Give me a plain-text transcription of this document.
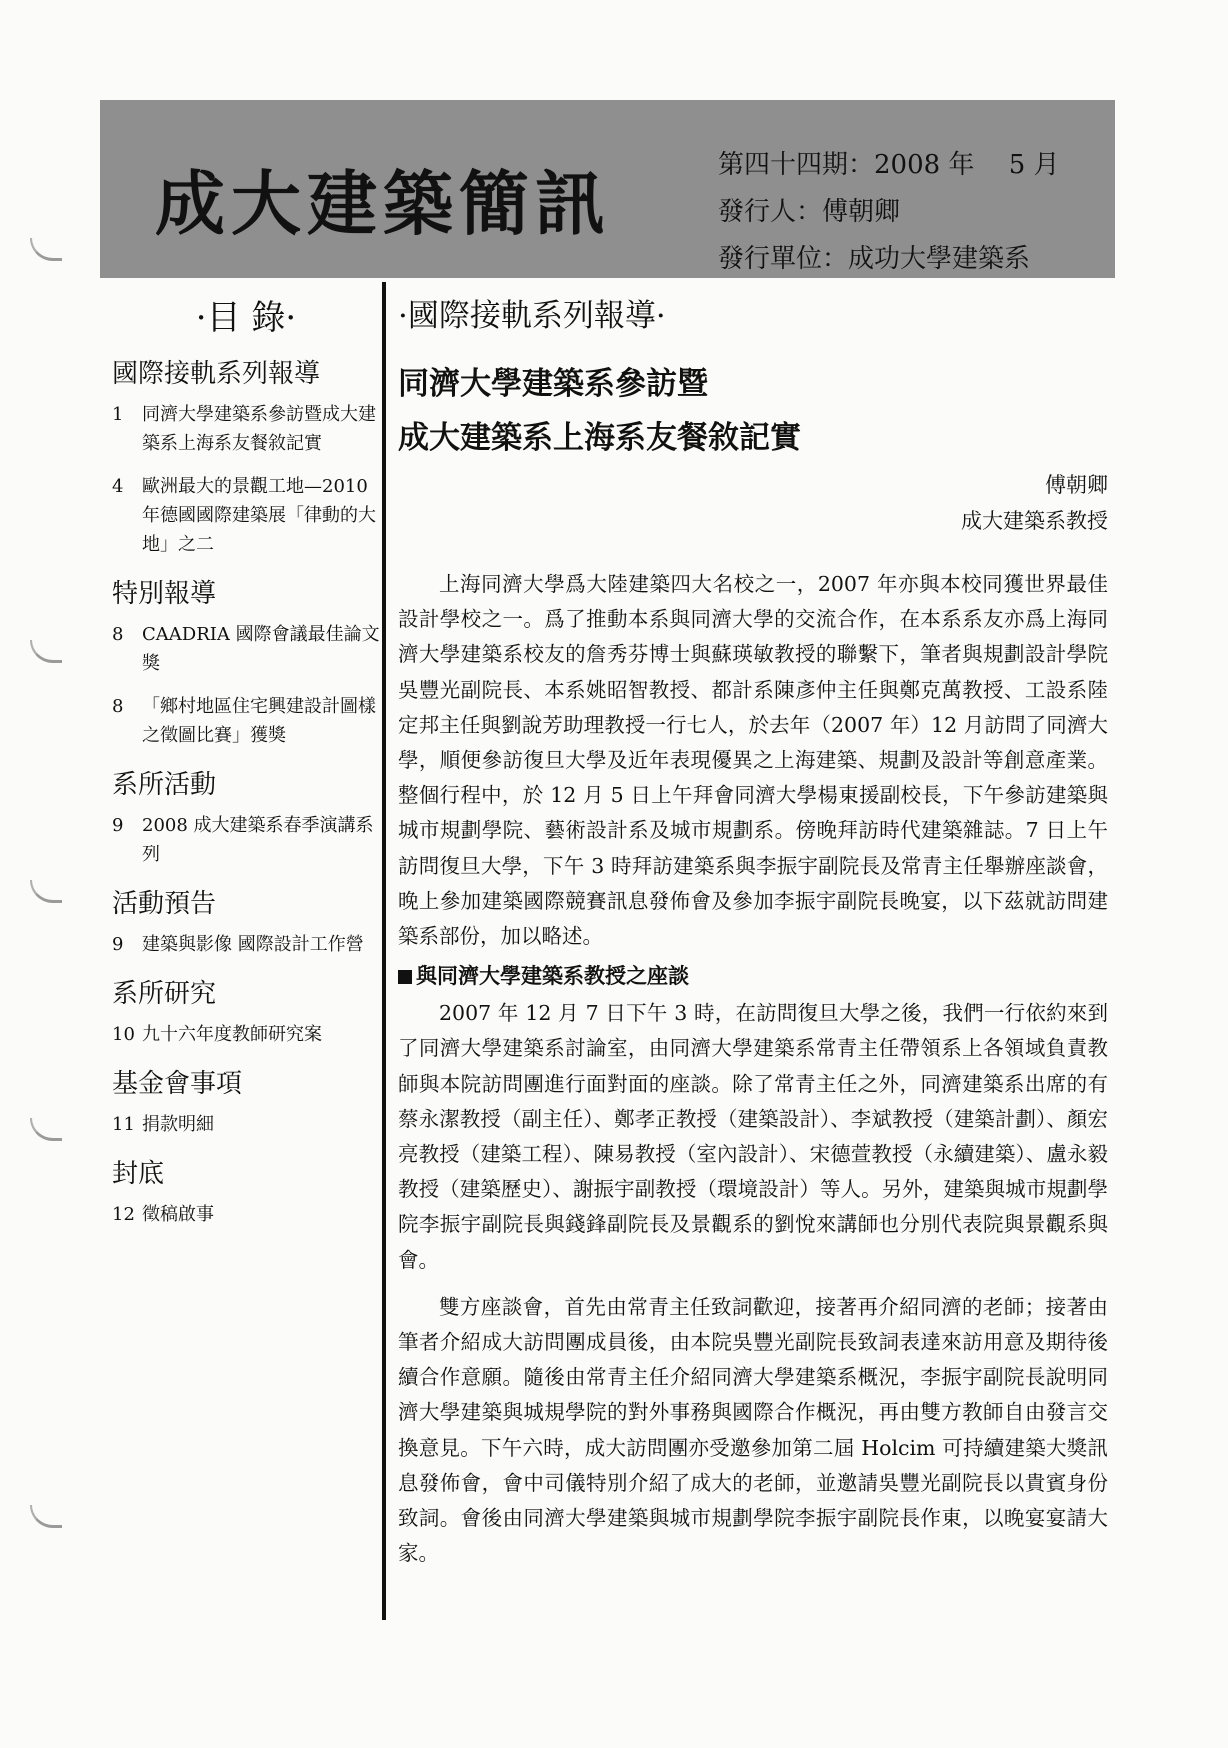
成大建築簡訊	第四十四期：2008 年　 5 月
發行人：傅朝卿
發行單位：成功大學建築系
·目 錄·
國際接軌系列報導
1	同濟大學建築系參訪暨成大建築系上海系友餐敘記實
4	歐洲最大的景觀工地—2010 年德國國際建築展「律動的大地」之二
特別報導
8	CAADRIA 國際會議最佳論文獎
8	「鄉村地區住宅興建設計圖樣之徵圖比賽」獲獎
系所活動
9	2008 成大建築系春季演講系列
活動預告
9	建築與影像 國際設計工作營
系所研究
10 九十六年度教師研究案
基金會事項
11 捐款明細
封底
12 徵稿啟事
·國際接軌系列報導·
同濟大學建築系參訪暨
成大建築系上海系友餐敘記實
傅朝卿
成大建築系教授

上海同濟大學爲大陸建築四大名校之一，2007 年亦與本校同獲世界最佳設計學校之一。爲了推動本系與同濟大學的交流合作，在本系系友亦爲上海同濟大學建築系校友的詹秀芬博士與蘇瑛敏教授的聯繫下，筆者與規劃設計學院吳豐光副院長、本系姚昭智教授、都計系陳彥仲主任與鄭克萬教授、工設系陸定邦主任與劉說芳助理教授一行七人，於去年（2007 年）12 月訪問了同濟大學，順便參訪復旦大學及近年表現優異之上海建築、規劃及設計等創意產業。整個行程中，於 12 月 5 日上午拜會同濟大學楊東援副校長，下午參訪建築與城市規劃學院、藝術設計系及城市規劃系。傍晚拜訪時代建築雜誌。7 日上午訪問復旦大學，下午 3 時拜訪建築系與李振宇副院長及常青主任舉辦座談會，晚上參加建築國際競賽訊息發佈會及參加李振宇副院長晚宴，以下茲就訪問建築系部份，加以略述。

與同濟大學建築系教授之座談

2007 年 12 月 7 日下午 3 時，在訪問復旦大學之後，我們一行依約來到了同濟大學建築系討論室，由同濟大學建築系常青主任帶領系上各領域負責教師與本院訪問團進行面對面的座談。除了常青主任之外，同濟建築系出席的有蔡永潔教授（副主任）、鄭孝正教授（建築設計）、李斌教授（建築計劃）、顏宏亮教授（建築工程）、陳易教授（室內設計）、宋德萱教授（永續建築）、盧永毅教授（建築歷史）、謝振宇副教授（環境設計）等人。另外，建築與城市規劃學院李振宇副院長與錢鋒副院長及景觀系的劉悅來講師也分別代表院與景觀系與會。

雙方座談會，首先由常青主任致詞歡迎，接著再介紹同濟的老師；接著由筆者介紹成大訪問團成員後，由本院吳豐光副院長致詞表達來訪用意及期待後續合作意願。隨後由常青主任介紹同濟大學建築系概況，李振宇副院長說明同濟大學建築與城規學院的對外事務與國際合作概況，再由雙方教師自由發言交換意見。下午六時，成大訪問團亦受邀參加第二屆 Holcim 可持續建築大獎訊息發佈會，會中司儀特別介紹了成大的老師，並邀請吳豐光副院長以貴賓身份致詞。會後由同濟大學建築與城市規劃學院李振宇副院長作東，以晚宴宴請大家。
